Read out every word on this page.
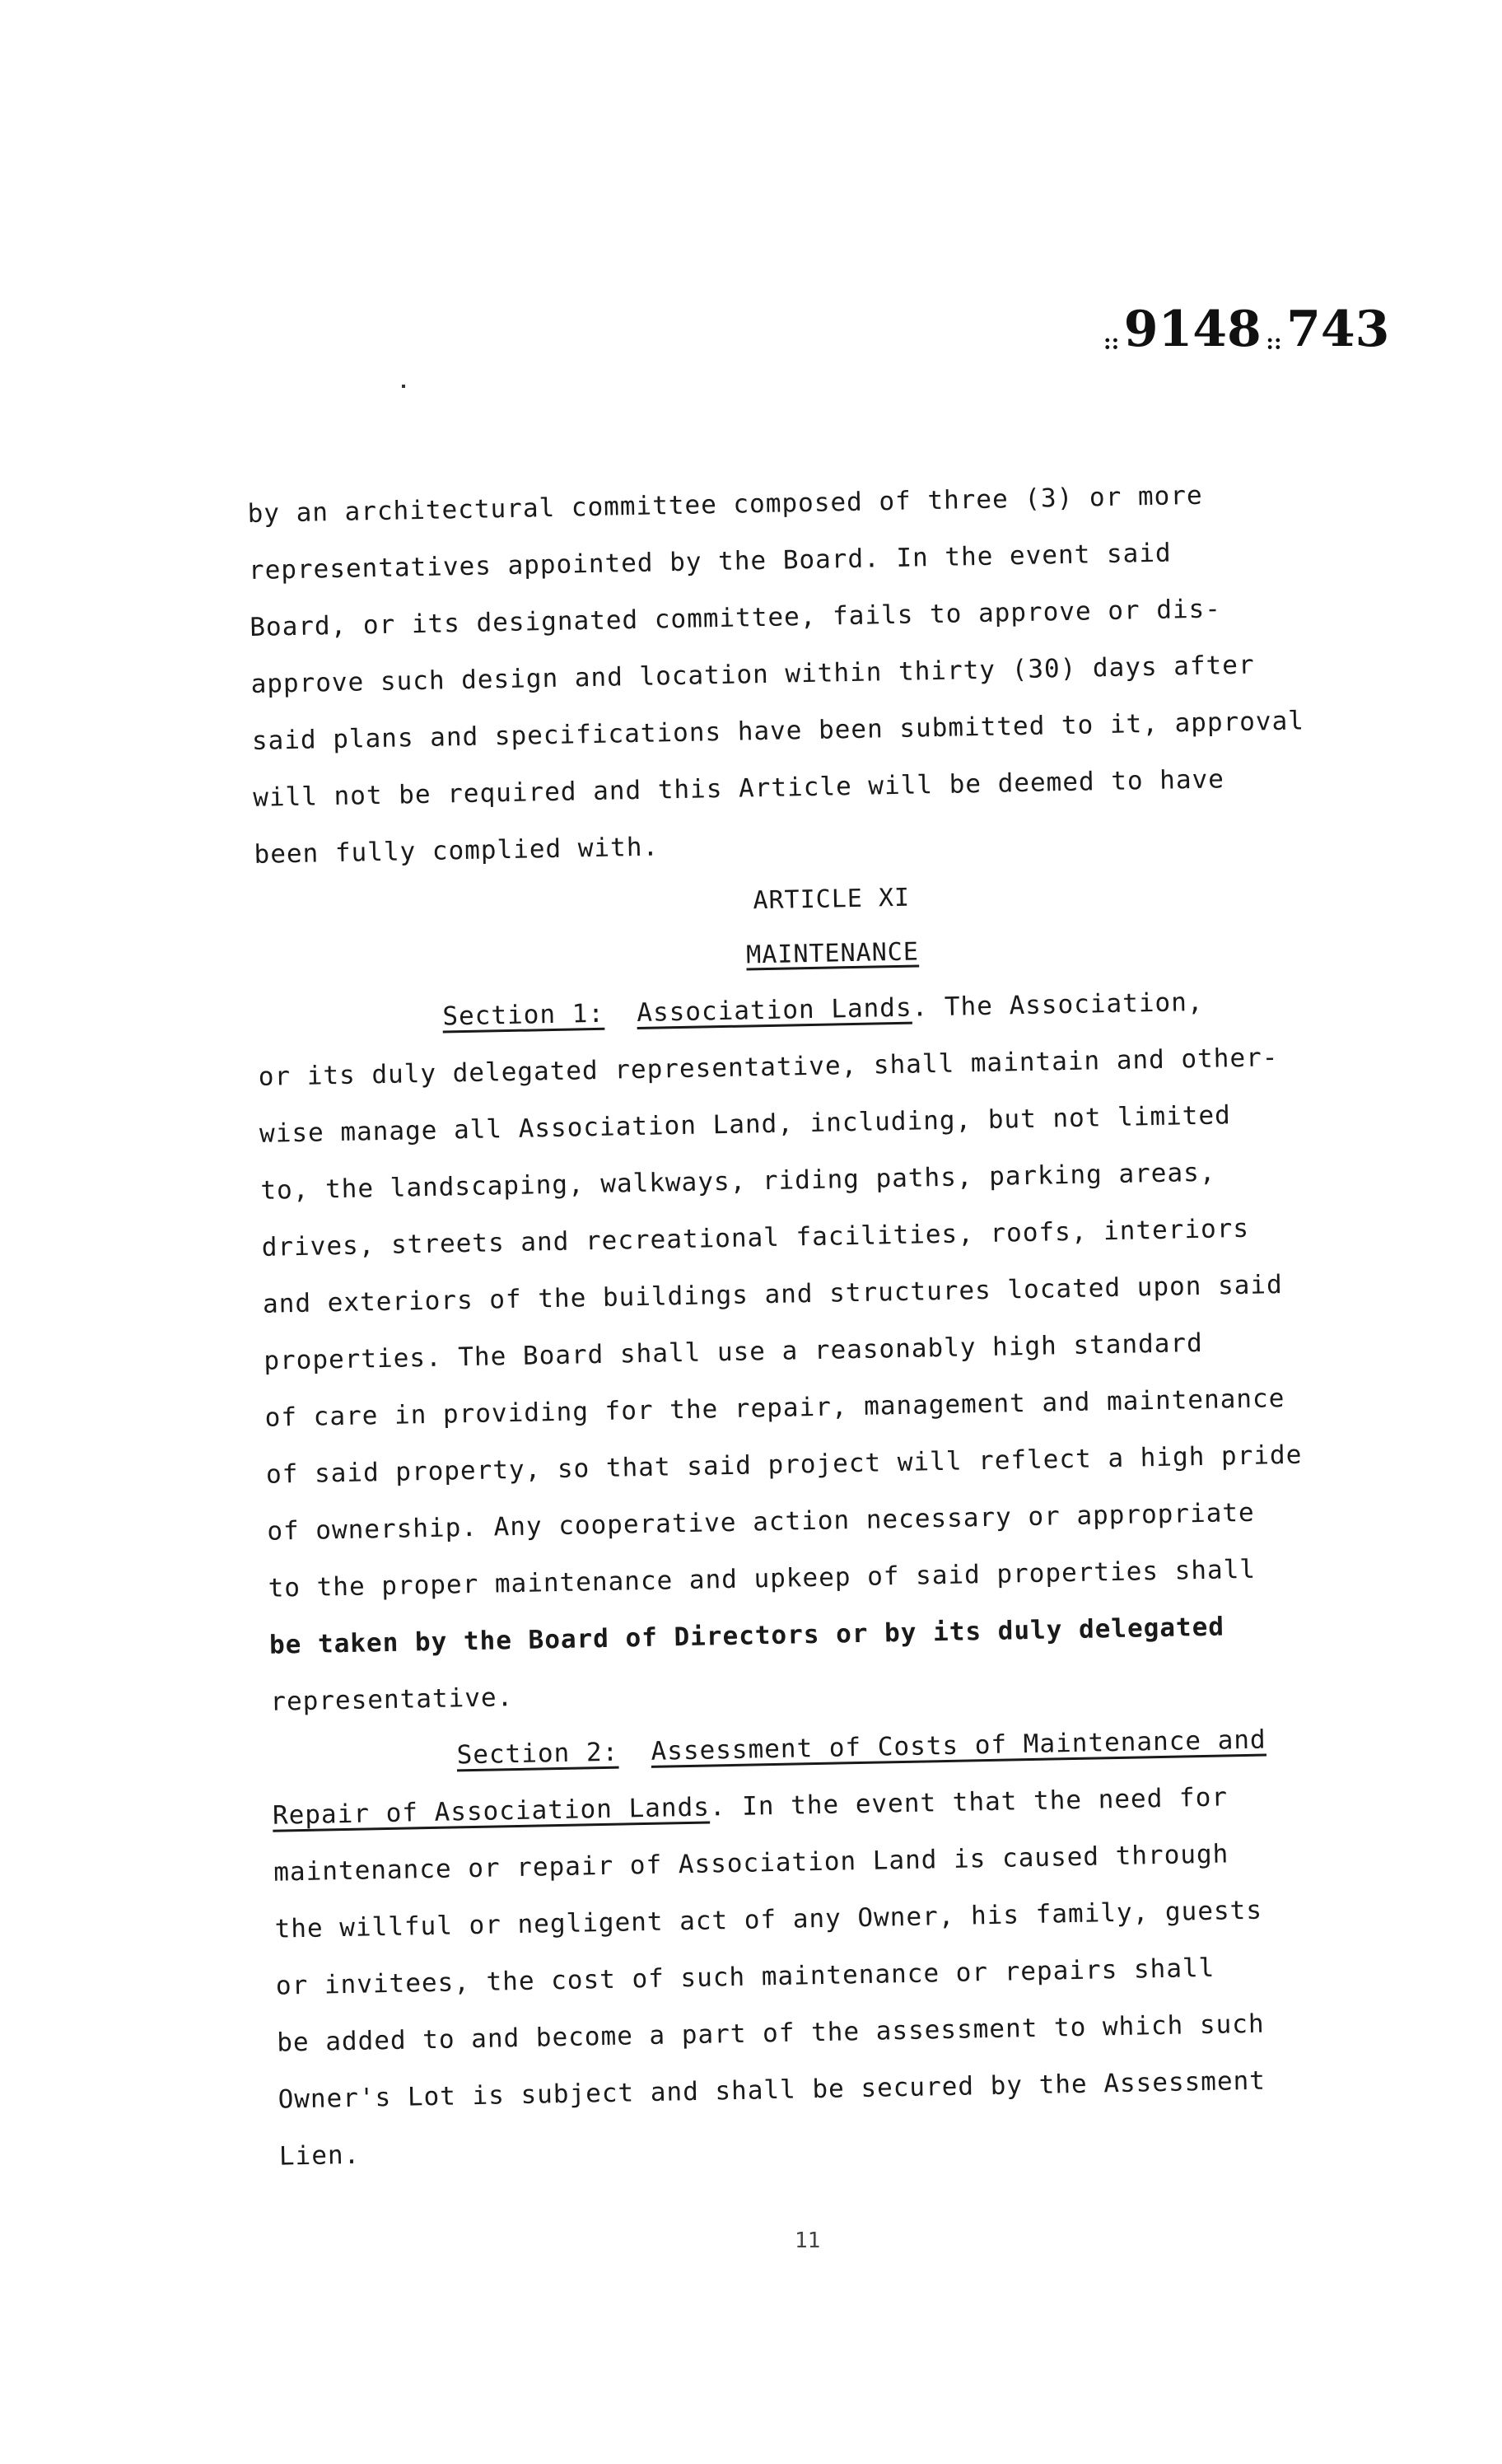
:: 9148 :: 743
by an architectural committee composed of three (3) or more
representatives appointed by the Board. In the event said
Board, or its designated committee, fails to approve or dis-
approve such design and location within thirty (30) days after
said plans and specifications have been submitted to it, approval
will not be required and this Article will be deemed to have
been fully complied with.
ARTICLE XI
MAINTENANCE
Section 1: Association Lands. The Association,
or its duly delegated representative, shall maintain and other-
wise manage all Association Land, including, but not limited
to, the landscaping, walkways, riding paths, parking areas,
drives, streets and recreational facilities, roofs, interiors
and exteriors of the buildings and structures located upon said
properties. The Board shall use a reasonably high standard
of care in providing for the repair, management and maintenance
of said property, so that said project will reflect a high pride
of ownership. Any cooperative action necessary or appropriate
to the proper maintenance and upkeep of said properties shall
be taken by the Board of Directors or by its duly delegated
representative.
Section 2: Assessment of Costs of Maintenance and
Repair of Association Lands. In the event that the need for
maintenance or repair of Association Land is caused through
the willful or negligent act of any Owner, his family, guests
or invitees, the cost of such maintenance or repairs shall
be added to and become a part of the assessment to which such
Owner's Lot is subject and shall be secured by the Assessment
Lien.
11
